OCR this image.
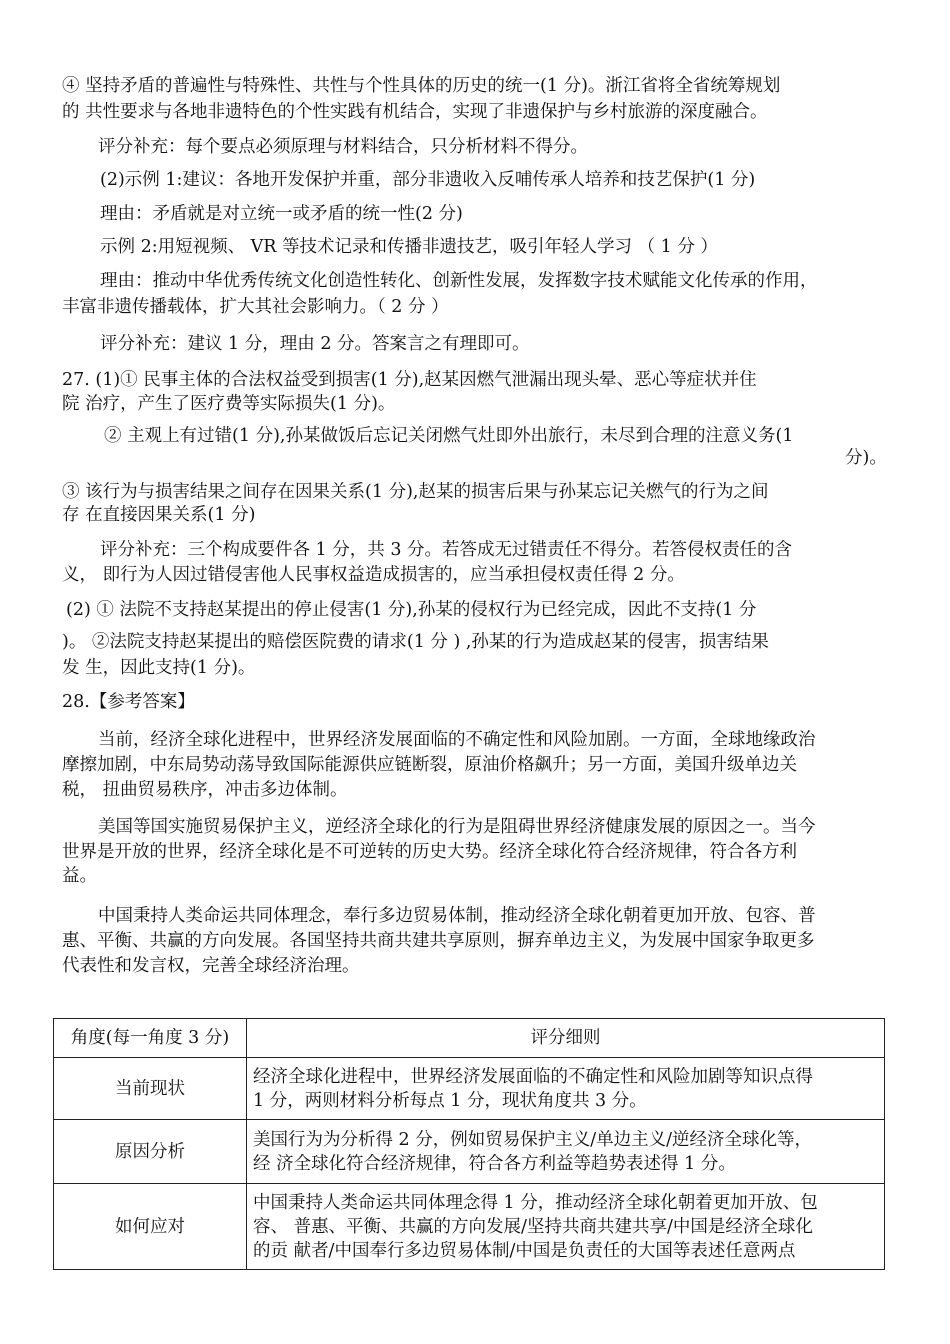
④ 坚持矛盾的普遍性与特殊性、共性与个性具体的历史的统一(1 分)。浙江省将全省统筹规划
的 共性要求与各地非遗特色的个性实践有机结合，实现了非遗保护与乡村旅游的深度融合。
评分补充：每个要点必须原理与材料结合，只分析材料不得分。
(2)示例 1:建议：各地开发保护并重，部分非遗收入反哺传承人培养和技艺保护(1 分)
理由：矛盾就是对立统一或矛盾的统一性(2 分)
示例 2:用短视频、 VR 等技术记录和传播非遗技艺，吸引年轻人学习 （ 1 分 ）
理由：推动中华优秀传统文化创造性转化、创新性发展，发挥数字技术赋能文化传承的作用，
丰富非遗传播载体，扩大其社会影响力。（ 2 分 ）
评分补充：建议 1 分，理由 2 分。答案言之有理即可。
27. (1)① 民事主体的合法权益受到损害(1 分),赵某因燃气泄漏出现头晕、恶心等症状并住
院 治疗，产生了医疗费等实际损失(1 分)。
② 主观上有过错(1 分),孙某做饭后忘记关闭燃气灶即外出旅行，未尽到合理的注意义务(1
分)。
③ 该行为与损害结果之间存在因果关系(1 分),赵某的损害后果与孙某忘记关燃气的行为之间
存 在直接因果关系(1 分)
评分补充：三个构成要件各 1 分，共 3 分。若答成无过错责任不得分。若答侵权责任的含
义， 即行为人因过错侵害他人民事权益造成损害的，应当承担侵权责任得 2 分。
(2) ① 法院不支持赵某提出的停止侵害(1 分),孙某的侵权行为已经完成，因此不支持(1 分
)。 ②法院支持赵某提出的赔偿医院费的请求(1 分 ) ,孙某的行为造成赵某的侵害，损害结果
发 生，因此支持(1 分)。
28.【参考答案】
当前，经济全球化进程中，世界经济发展面临的不确定性和风险加剧。一方面，全球地缘政治
摩擦加剧，中东局势动荡导致国际能源供应链断裂，原油价格飙升；另一方面，美国升级单边关
税， 扭曲贸易秩序，冲击多边体制。
美国等国实施贸易保护主义，逆经济全球化的行为是阻碍世界经济健康发展的原因之一。当今
世界是开放的世界，经济全球化是不可逆转的历史大势。经济全球化符合经济规律，符合各方利
益。
中国秉持人类命运共同体理念，奉行多边贸易体制，推动经济全球化朝着更加开放、包容、普
惠、平衡、共赢的方向发展。各国坚持共商共建共享原则，摒弃单边主义，为发展中国家争取更多
代表性和发言权，完善全球经济治理。
角度(每一角度 3 分)	评分细则
当前现状	经济全球化进程中，世界经济发展面临的不确定性和风险加剧等知识点得
1 分，两则材料分析每点 1 分，现状角度共 3 分。

原因分析	美国行为为分析得 2 分，例如贸易保护主义/单边主义/逆经济全球化等，
经 济全球化符合经济规律，符合各方利益等趋势表述得 1 分。

如何应对	中国秉持人类命运共同体理念得 1 分，推动经济全球化朝着更加开放、包
容、 普惠、平衡、共赢的方向发展/坚持共商共建共享/中国是经济全球化
的贡 献者/中国奉行多边贸易体制/中国是负责任的大国等表述任意两点
